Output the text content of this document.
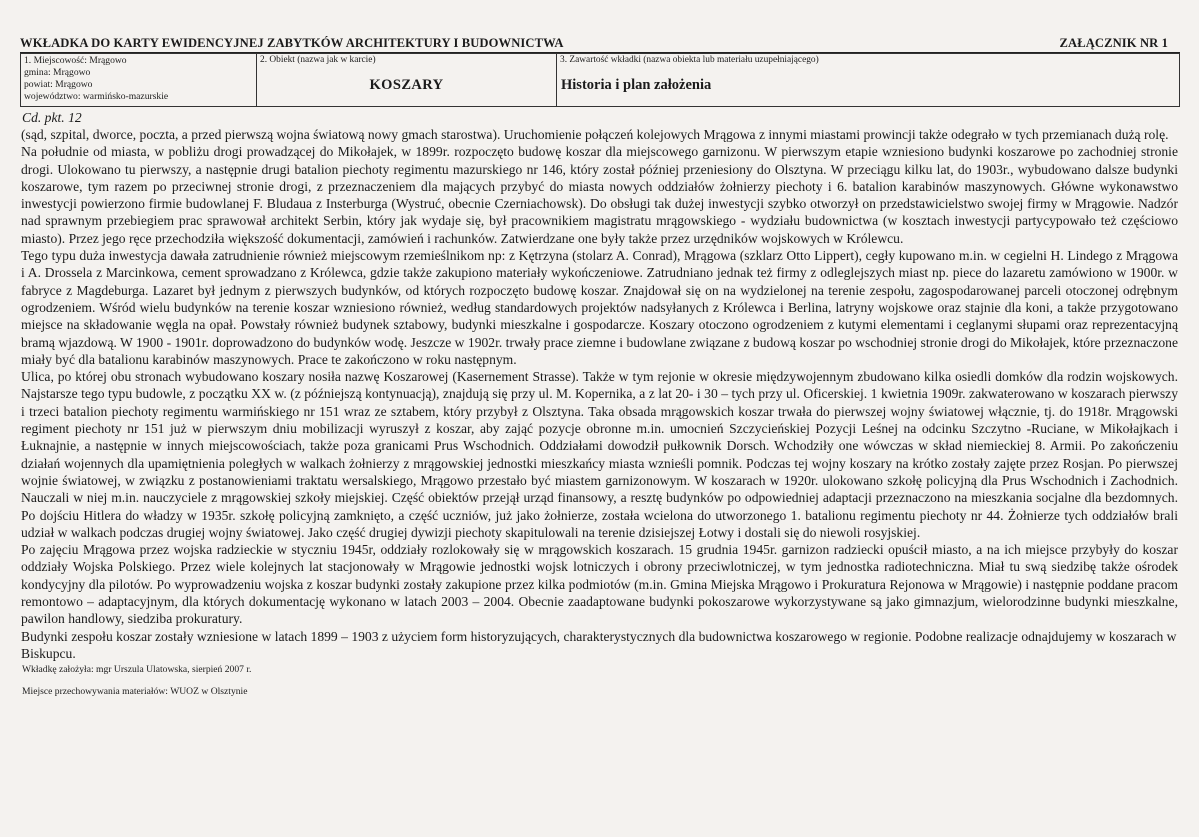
WKŁADKA DO KARTY EWIDENCYJNEJ ZABYTKÓW ARCHITEKTURY I BUDOWNICTWA	ZAŁĄCZNIK NR 1
1. Miejscowość: Mrągowo
gmina: Mrągowo
powiat: Mrągowo
województwo: warmińsko-mazurskie

2. Obiekt (nazwa jak w karcie)
KOSZARY

3. Zawartość wkładki (nazwa obiekta lub materiału uzupełniającego)
Historia i plan założenia
Cd. pkt. 12

(sąd, szpital, dworce, poczta, a przed pierwszą wojna światową nowy gmach starostwa). Uruchomienie połączeń kolejowych Mrągowa z innymi miastami prowincji także odegrało w tych przemianach dużą rolę.

Na południe od miasta, w pobliżu drogi prowadzącej do Mikołajek, w 1899r. rozpoczęto budowę koszar dla miejscowego garnizonu. W pierwszym etapie wzniesiono budynki koszarowe po zachodniej stronie drogi. Ulokowano tu pierwszy, a następnie drugi batalion piechoty regimentu mazurskiego nr 146, który został później przeniesiony do Olsztyna. W przeciągu kilku lat, do 1903r., wybudowano dalsze budynki koszarowe, tym razem po przeciwnej stronie drogi, z przeznaczeniem dla mających przybyć do miasta nowych oddziałów żołnierzy piechoty i 6. batalion karabinów maszynowych. Główne wykonawstwo inwestycji powierzono firmie budowlanej F. Bludaua z Insterburga (Wystruć, obecnie Czerniachowsk). Do obsługi tak dużej inwestycji szybko otworzył on przedstawicielstwo swojej firmy w Mrągowie. Nadzór nad sprawnym przebiegiem prac sprawował architekt Serbin, który jak wydaje się, był pracownikiem magistratu mrągowskiego - wydziału budownictwa (w kosztach inwestycji partycypowało też częściowo miasto). Przez jego ręce przechodziła większość dokumentacji, zamówień i rachunków. Zatwierdzane one były także przez urzędników wojskowych w Królewcu.

Tego typu duża inwestycja dawała zatrudnienie również miejscowym rzemieślnikom np: z Kętrzyna (stolarz A. Conrad), Mrągowa (szklarz Otto Lippert), cegły kupowano m.in. w cegielni H. Lindego z Mrągowa i A. Drossela z Marcinkowa, cement sprowadzano z Królewca, gdzie także zakupiono materiały wykończeniowe. Zatrudniano jednak też firmy z odleglejszych miast np. piece do lazaretu zamówiono w 1900r. w fabryce z Magdeburga. Lazaret był jednym z pierwszych budynków, od których rozpoczęto budowę koszar. Znajdował się on na wydzielonej na terenie zespołu, zagospodarowanej parceli otoczonej odrębnym ogrodzeniem. Wśród wielu budynków na terenie koszar wzniesiono również, według standardowych projektów nadsyłanych z Królewca i Berlina, latryny wojskowe oraz stajnie dla koni, a także przygotowano miejsce na składowanie węgla na opał. Powstały również budynek sztabowy, budynki mieszkalne i gospodarcze. Koszary otoczono ogrodzeniem z kutymi elementami i ceglanymi słupami oraz reprezentacyjną bramą wjazdową. W 1900 - 1901r. doprowadzono do budynków wodę. Jeszcze w 1902r. trwały prace ziemne i budowlane związane z budową koszar po wschodniej stronie drogi do Mikołajek, które przeznaczone miały być dla batalionu karabinów maszynowych. Prace te zakończono w roku następnym.

Ulica, po której obu stronach wybudowano koszary nosiła nazwę Koszarowej (Kasernement Strasse). Także w tym rejonie w okresie międzywojennym zbudowano kilka osiedli domków dla rodzin wojskowych. Najstarsze tego typu budowle, z początku XX w. (z późniejszą kontynuacją), znajdują się przy ul. M. Kopernika, a z lat 20- i 30 – tych przy ul. Oficerskiej. 1 kwietnia 1909r. zakwaterowano w koszarach pierwszy i trzeci batalion piechoty regimentu warmińskiego nr 151 wraz ze sztabem, który przybył z Olsztyna. Taka obsada mrągowskich koszar trwała do pierwszej wojny światowej włącznie, tj. do 1918r. Mrągowski regiment piechoty nr 151 już w pierwszym dniu mobilizacji wyruszył z koszar, aby zająć pozycje obronne m.in. umocnień Szczycieńskiej Pozycji Leśnej na odcinku Szczytno -Ruciane, w Mikołajkach i Łuknajnie, a następnie w innych miejscowościach, także poza granicami Prus Wschodnich. Oddziałami dowodził pułkownik Dorsch. Wchodziły one wówczas w skład niemieckiej 8. Armii. Po zakończeniu działań wojennych dla upamiętnienia poległych w walkach żołnierzy z mrągowskiej jednostki mieszkańcy miasta wznieśli pomnik. Podczas tej wojny koszary na krótko zostały zajęte przez Rosjan. Po pierwszej wojnie światowej, w związku z postanowieniami traktatu wersalskiego, Mrągowo przestało być miastem garnizonowym. W koszarach w 1920r. ulokowano szkołę policyjną dla Prus Wschodnich i Zachodnich. Nauczali w niej m.in. nauczyciele z mrągowskiej szkoły miejskiej. Część obiektów przejął urząd finansowy, a resztę budynków po odpowiedniej adaptacji przeznaczono na mieszkania socjalne dla bezdomnych. Po dojściu Hitlera do władzy w 1935r. szkołę policyjną zamknięto, a część uczniów, już jako żołnierze, została wcielona do utworzonego 1. batalionu regimentu piechoty nr 44. Żołnierze tych oddziałów brali udział w walkach podczas drugiej wojny światowej. Jako część drugiej dywizji piechoty skapitulowali na terenie dzisiejszej Łotwy i dostali się do niewoli rosyjskiej.

Po zajęciu Mrągowa przez wojska radzieckie w styczniu 1945r, oddziały rozlokowały się w mrągowskich koszarach. 15 grudnia 1945r. garnizon radziecki opuścił miasto, a na ich miejsce przybyły do koszar oddziały Wojska Polskiego. Przez wiele kolejnych lat stacjonowały w Mrągowie jednostki wojsk lotniczych i obrony przeciwlotniczej, w tym jednostka radiotechniczna. Miał tu swą siedzibę także ośrodek kondycyjny dla pilotów. Po wyprowadzeniu wojska z koszar budynki zostały zakupione przez kilka podmiotów (m.in. Gmina Miejska Mrągowo i Prokuratura Rejonowa w Mrągowie) i następnie poddane pracom remontowo – adaptacyjnym, dla których dokumentację wykonano w latach 2003 – 2004. Obecnie zaadaptowane budynki pokoszarowe wykorzystywane są jako gimnazjum, wielorodzinne budynki mieszkalne, pawilon handlowy, siedziba prokuratury.

Budynki zespołu koszar zostały wzniesione w latach 1899 – 1903 z użyciem form historyzujących, charakterystycznych dla budownictwa koszarowego w regionie. Podobne realizacje odnajdujemy w koszarach w Biskupcu.

Wkładkę założyła: mgr Urszula Ulatowska, sierpień 2007 r.
Miejsce przechowywania materiałów: WUOZ w Olsztynie
